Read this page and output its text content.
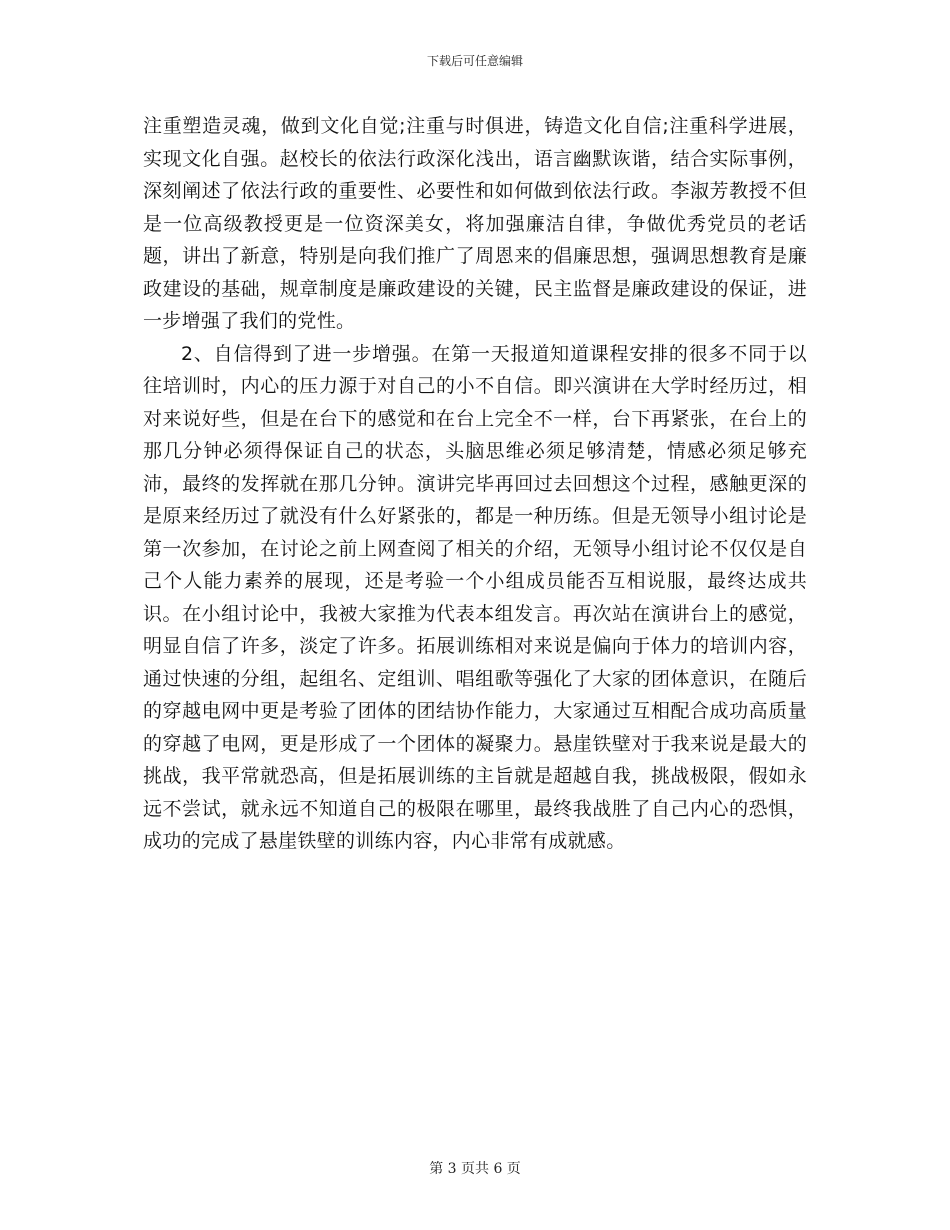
下载后可任意编辑

注重塑造灵魂，做到文化自觉;注重与时俱进，铸造文化自信;注重科学进展，实现文化自强。赵校长的依法行政深化浅出，语言幽默诙谐，结合实际事例，深刻阐述了依法行政的重要性、必要性和如何做到依法行政。李淑芳教授不但是一位高级教授更是一位资深美女，将加强廉洁自律，争做优秀党员的老话题，讲出了新意，特别是向我们推广了周恩来的倡廉思想，强调思想教育是廉政建设的基础，规章制度是廉政建设的关键，民主监督是廉政建设的保证，进一步增强了我们的党性。

2、自信得到了进一步增强。在第一天报道知道课程安排的很多不同于以往培训时，内心的压力源于对自己的小不自信。即兴演讲在大学时经历过，相对来说好些，但是在台下的感觉和在台上完全不一样，台下再紧张，在台上的那几分钟必须得保证自己的状态，头脑思维必须足够清楚，情感必须足够充沛，最终的发挥就在那几分钟。演讲完毕再回过去回想这个过程，感触更深的是原来经历过了就没有什么好紧张的，都是一种历练。但是无领导小组讨论是第一次参加，在讨论之前上网查阅了相关的介绍，无领导小组讨论不仅仅是自己个人能力素养的展现，还是考验一个小组成员能否互相说服，最终达成共识。在小组讨论中，我被大家推为代表本组发言。再次站在演讲台上的感觉，明显自信了许多，淡定了许多。拓展训练相对来说是偏向于体力的培训内容，通过快速的分组，起组名、定组训、唱组歌等强化了大家的团体意识，在随后的穿越电网中更是考验了团体的团结协作能力，大家通过互相配合成功高质量的穿越了电网，更是形成了一个团体的凝聚力。悬崖铁壁对于我来说是最大的挑战，我平常就恐高，但是拓展训练的主旨就是超越自我，挑战极限，假如永远不尝试，就永远不知道自己的极限在哪里，最终我战胜了自己内心的恐惧，成功的完成了悬崖铁壁的训练内容，内心非常有成就感。

第 3 页共 6 页
